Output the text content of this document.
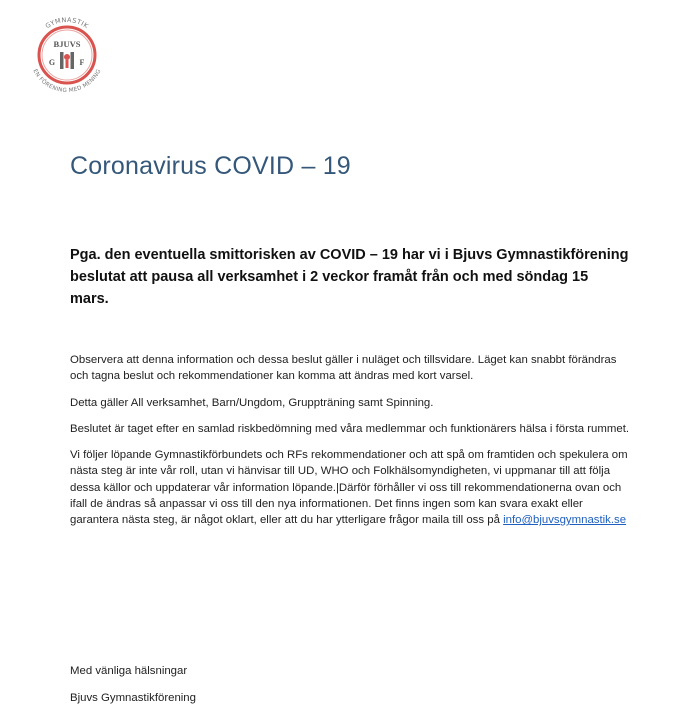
GYMNASTIK
EN FÖRENING MED MENING
BJUVS
G	F
Coronavirus COVID – 19

Pga. den eventuella smittorisken av COVID – 19 har vi i Bjuvs Gymnastikförening beslutat att pausa all verksamhet i 2 veckor framåt från och med söndag 15 mars.

Observera att denna information och dessa beslut gäller i nuläget och tillsvidare. Läget kan snabbt förändras och tagna beslut och rekommendationer kan komma att ändras med kort varsel.

Detta gäller All verksamhet, Barn/Ungdom, Gruppträning samt Spinning.

Beslutet är taget efter en samlad riskbedömning med våra medlemmar och funktionärers hälsa i första rummet.

Vi följer löpande Gymnastikförbundets och RFs rekommendationer och att spå om framtiden och spekulera om nästa steg är inte vår roll, utan vi hänvisar till UD, WHO och Folkhälsomyndigheten, vi uppmanar till att följa dessa källor och uppdaterar vår information löpande.|Därför förhåller vi oss till rekommendationerna ovan och ifall de ändras så anpassar vi oss till den nya informationen. Det finns ingen som kan svara exakt eller garantera nästa steg, är något oklart, eller att du har ytterligare frågor maila till oss på info@bjuvsgymnastik.se

Med vänliga hälsningar

Bjuvs Gymnastikförening
